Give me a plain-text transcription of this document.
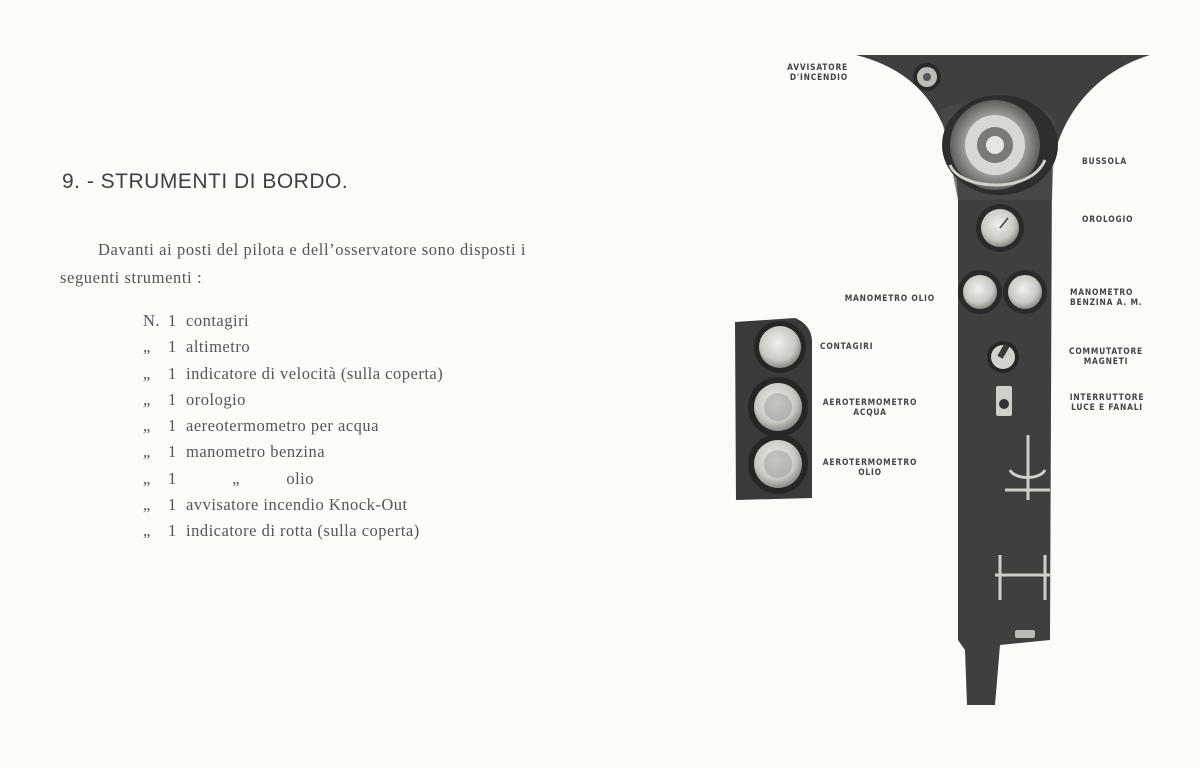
9. - STRUMENTI DI BORDO.

Davanti ai posti del pilota e dell’osservatore sono disposti i seguenti strumenti :

N. 1 contagiri
„ 1 altimetro
„ 1 indicatore di velocità (sulla coperta)
„ 1 orologio
„ 1 aereotermometro per acqua
„ 1 manometro benzina
„ 1          „          olio
„ 1 avvisatore incendio Knock-Out
„ 1 indicatore di rotta (sulla coperta)
AVVISATORE
D'INCENDIO
BUSSOLA
OROLOGIO
MANOMETRO OLIO
MANOMETRO
BENZINA A. M.
CONTAGIRI	COMMUTATORE
MAGNETI
AEROTERMOMETRO
ACQUA
INTERRUTTORE
LUCE E FANALI
AEROTERMOMETRO
OLIO
